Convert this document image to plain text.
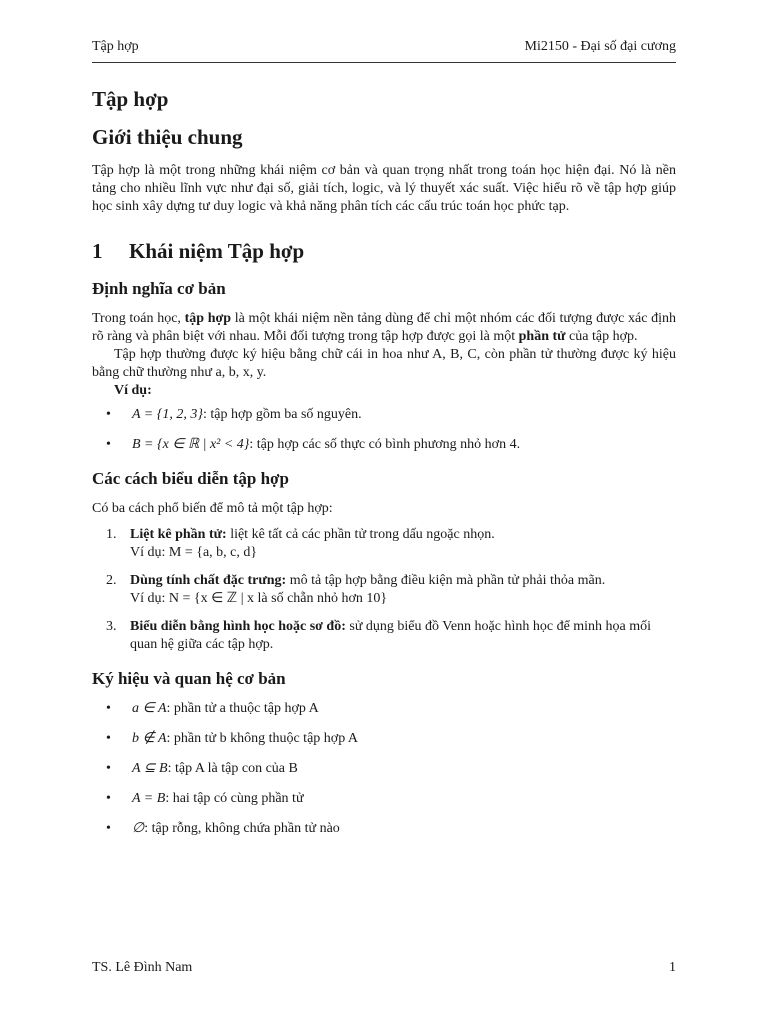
Tập hợp	Mi2150 - Đại số đại cương
Tập hợp
Giới thiệu chung

Tập hợp là một trong những khái niệm cơ bản và quan trọng nhất trong toán học hiện đại. Nó là nền tảng cho nhiều lĩnh vực như đại số, giải tích, logic, và lý thuyết xác suất. Việc hiểu rõ về tập hợp giúp học sinh xây dựng tư duy logic và khả năng phân tích các cấu trúc toán học phức tạp.

1	Khái niệm Tập hợp
Định nghĩa cơ bản

Trong toán học, tập hợp là một khái niệm nền tảng dùng để chỉ một nhóm các đối tượng được xác định rõ ràng và phân biệt với nhau. Mỗi đối tượng trong tập hợp được gọi là một phần tử của tập hợp.

Tập hợp thường được ký hiệu bằng chữ cái in hoa như A, B, C, còn phần tử thường được ký hiệu bằng chữ thường như a, b, x, y.

Ví dụ:
• A = {1, 2, 3}: tập hợp gồm ba số nguyên.
• B = {x ∈ ℝ | x² < 4}: tập hợp các số thực có bình phương nhỏ hơn 4.
Các cách biểu diễn tập hợp

Có ba cách phổ biến để mô tả một tập hợp:

1. Liệt kê phần tử: liệt kê tất cả các phần tử trong dấu ngoặc nhọn.
Ví dụ: M = {a, b, c, d}
2. Dùng tính chất đặc trưng: mô tả tập hợp bằng điều kiện mà phần tử phải thỏa mãn.
Ví dụ: N = {x ∈ ℤ | x là số chẵn nhỏ hơn 10}
3. Biểu diễn bằng hình học hoặc sơ đồ: sử dụng biểu đồ Venn hoặc hình học để minh họa mối quan hệ giữa các tập hợp.
Ký hiệu và quan hệ cơ bản
• a ∈ A: phần tử a thuộc tập hợp A
• b ∉ A: phần tử b không thuộc tập hợp A
• A ⊆ B: tập A là tập con của B
• A = B: hai tập có cùng phần tử
• ∅: tập rỗng, không chứa phần tử nào
TS. Lê Đình Nam	1
